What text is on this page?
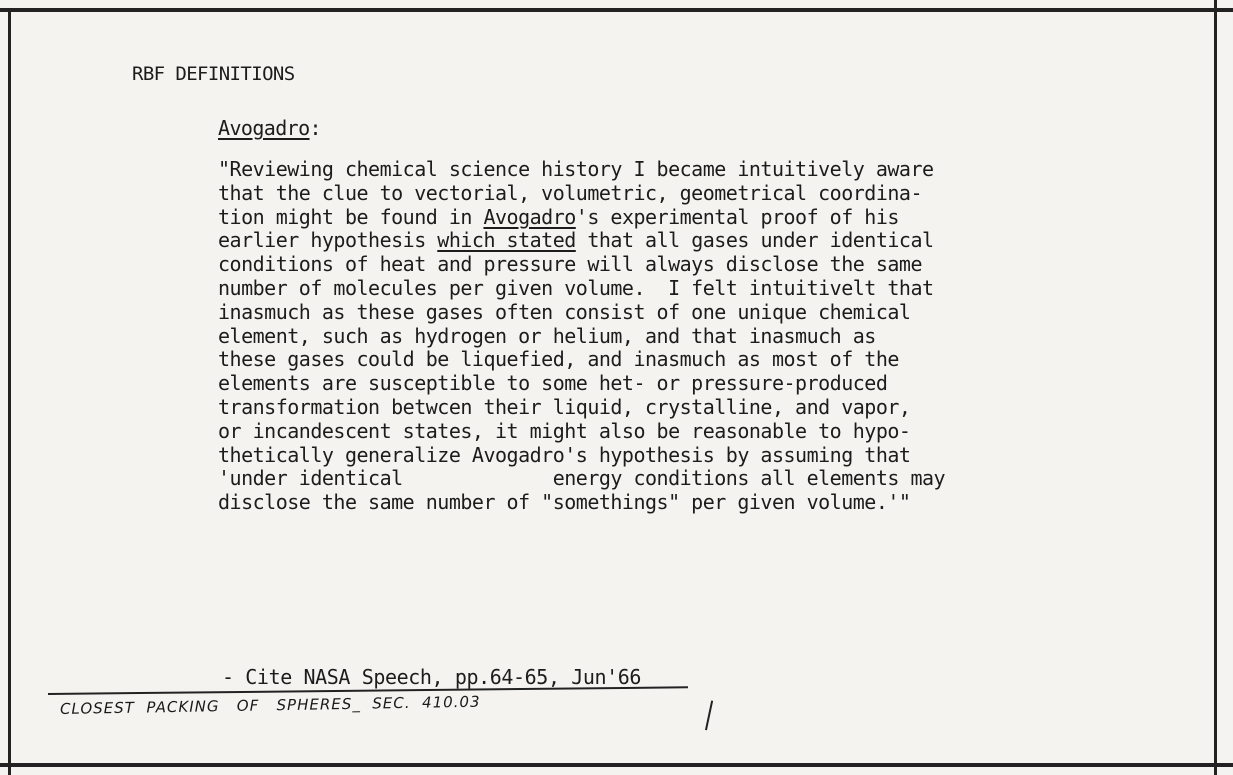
RBF DEFINITIONS
Avogadro:
"Reviewing chemical science history I became intuitively aware
that the clue to vectorial, volumetric, geometrical coordina-
tion might be found in Avogadro's experimental proof of his
earlier hypothesis which stated that all gases under identical
conditions of heat and pressure will always disclose the same
number of molecules per given volume.  I felt intuitivelt that
inasmuch as these gases often consist of one unique chemical
element, such as hydrogen or helium, and that inasmuch as
these gases could be liquefied, and inasmuch as most of the
elements are susceptible to some het- or pressure-produced
transformation betwcen their liquid, crystalline, and vapor,
or incandescent states, it might also be reasonable to hypo-
thetically generalize Avogadro's hypothesis by assuming that
'under identical             energy conditions all elements may
disclose the same number of "somethings" per given volume.'"
- Cite NASA Speech, pp.64-65, Jun'66
CLOSEST  PACKING   OF   SPHERES_  SEC.  410.03
